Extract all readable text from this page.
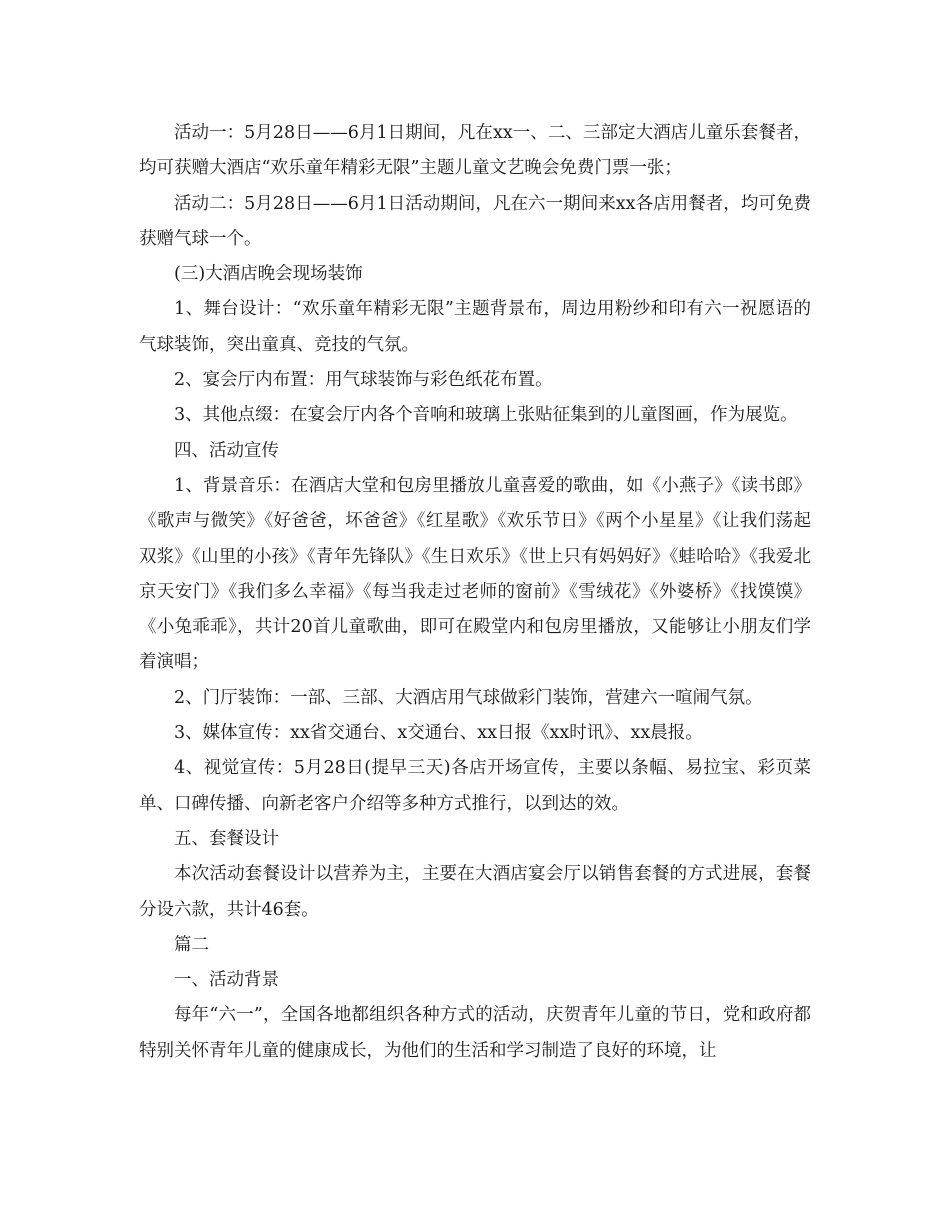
活动一：5月28日——6月1日期间，凡在xx一、二、三部定大酒店儿童乐套餐者，均可获赠大酒店“欢乐童年精彩无限”主题儿童文艺晚会免费门票一张；

活动二：5月28日——6月1日活动期间，凡在六一期间来xx各店用餐者，均可免费获赠气球一个。

(三)大酒店晚会现场装饰

1、舞台设计：“欢乐童年精彩无限”主题背景布，周边用粉纱和印有六一祝愿语的气球装饰，突出童真、竞技的气氛。

2、宴会厅内布置：用气球装饰与彩色纸花布置。

3、其他点缀：在宴会厅内各个音响和玻璃上张贴征集到的儿童图画，作为展览。

四、活动宣传

1、背景音乐：在酒店大堂和包房里播放儿童喜爱的歌曲，如《小燕子》《读书郎》《歌声与微笑》《好爸爸，坏爸爸》《红星歌》《欢乐节日》《两个小星星》《让我们荡起双浆》《山里的小孩》《青年先锋队》《生日欢乐》《世上只有妈妈好》《蛙哈哈》《我爱北京天安门》《我们多么幸福》《每当我走过老师的窗前》《雪绒花》《外婆桥》《找馍馍》《小兔乖乖》，共计20首儿童歌曲，即可在殿堂内和包房里播放，又能够让小朋友们学着演唱；

2、门厅装饰：一部、三部、大酒店用气球做彩门装饰，营建六一喧闹气氛。

3、媒体宣传：xx省交通台、x交通台、xx日报《xx时讯》、xx晨报。

4、视觉宣传：5月28日(提早三天)各店开场宣传，主要以条幅、易拉宝、彩页菜单、口碑传播、向新老客户介绍等多种方式推行，以到达的效。

五、套餐设计

本次活动套餐设计以营养为主，主要在大酒店宴会厅以销售套餐的方式进展，套餐分设六款，共计46套。

篇二

一、活动背景

每年“六一”，全国各地都组织各种方式的活动，庆贺青年儿童的节日，党和政府都特别关怀青年儿童的健康成长，为他们的生活和学习制造了良好的环境，让
